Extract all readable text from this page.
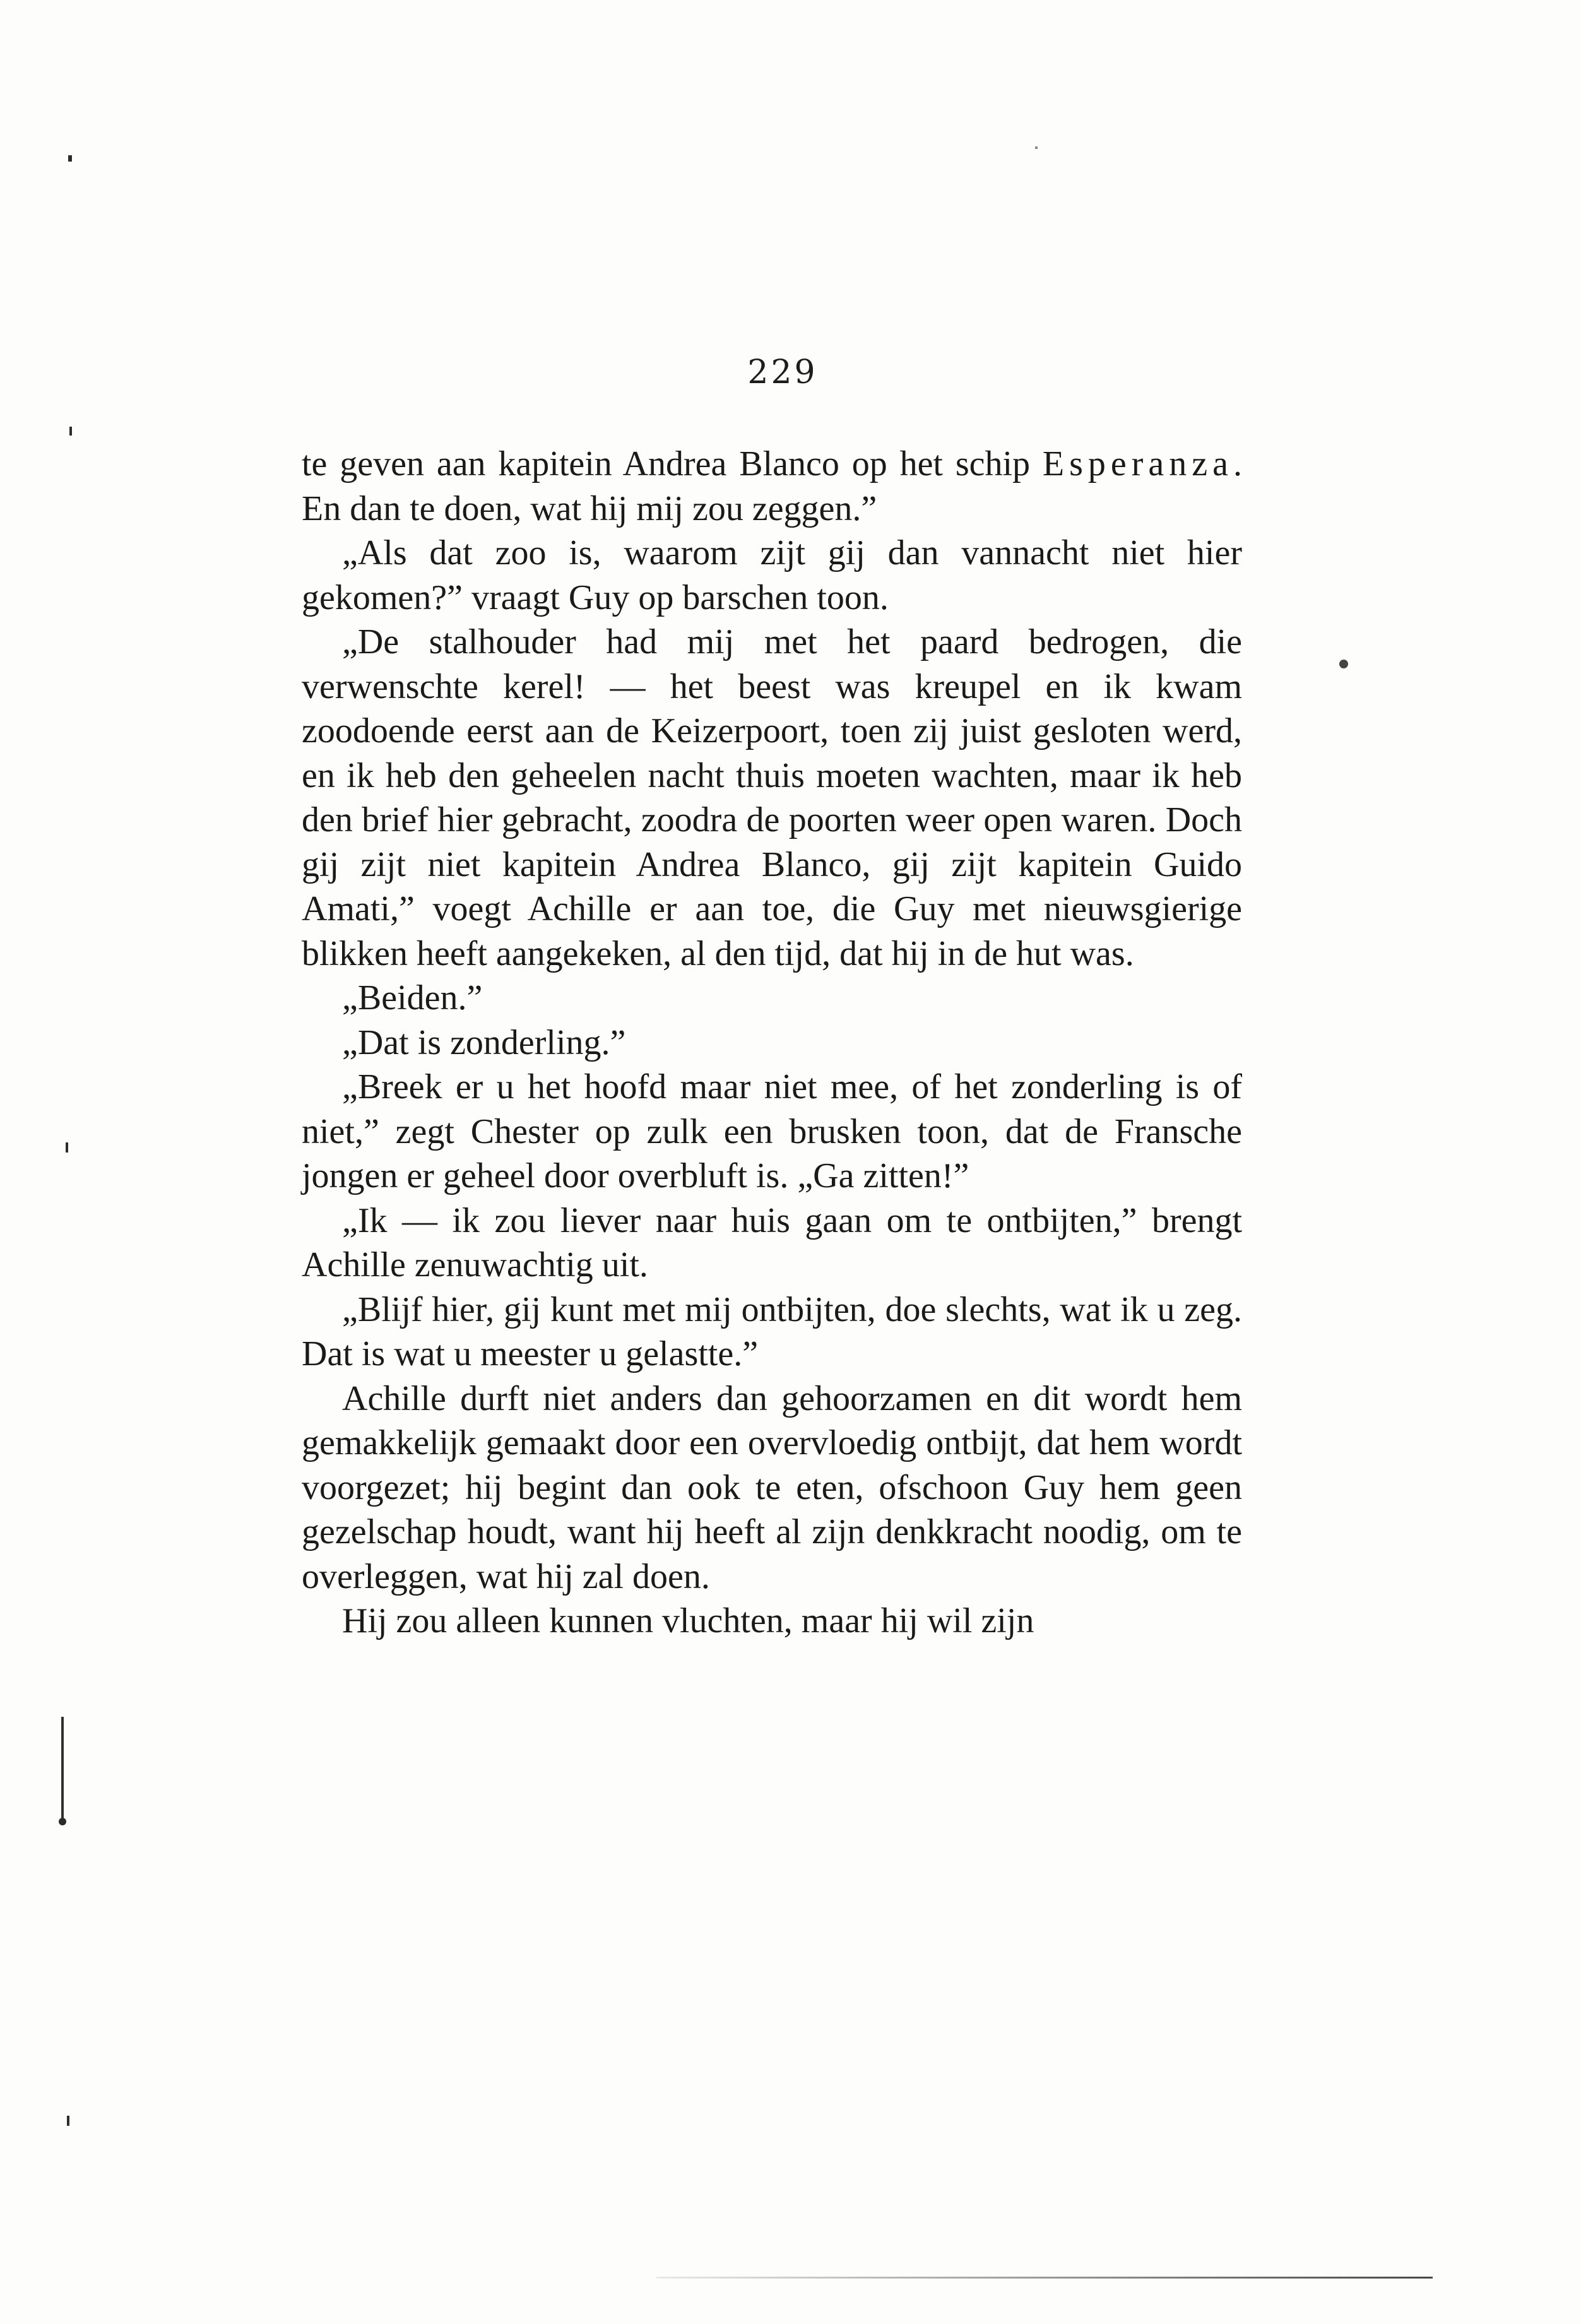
229

te geven aan kapitein Andrea Blanco op het schip Esperanza. En dan te doen, wat hij mij zou zeggen.”

„Als dat zoo is, waarom zijt gij dan vannacht niet hier gekomen?” vraagt Guy op barschen toon.

„De stalhouder had mij met het paard bedrogen, die verwenschte kerel! — het beest was kreupel en ik kwam zoodoende eerst aan de Keizerpoort, toen zij juist gesloten werd, en ik heb den geheelen nacht thuis moeten wachten, maar ik heb den brief hier gebracht, zoodra de poorten weer open waren. Doch gij zijt niet kapitein Andrea Blanco, gij zijt kapitein Guido Amati,” voegt Achille er aan toe, die Guy met nieuwsgierige blikken heeft aangekeken, al den tijd, dat hij in de hut was.

„Beiden.”

„Dat is zonderling.”

„Breek er u het hoofd maar niet mee, of het zonderling is of niet,” zegt Chester op zulk een brusken toon, dat de Fransche jongen er geheel door overbluft is. „Ga zitten!”

„Ik — ik zou liever naar huis gaan om te ontbijten,” brengt Achille zenuwachtig uit.

„Blijf hier, gij kunt met mij ontbijten, doe slechts, wat ik u zeg. Dat is wat u meester u gelastte.”

Achille durft niet anders dan gehoorzamen en dit wordt hem gemakkelijk gemaakt door een overvloedig ontbijt, dat hem wordt voorgezet; hij begint dan ook te eten, ofschoon Guy hem geen gezelschap houdt, want hij heeft al zijn denkkracht noodig, om te overleggen, wat hij zal doen.

Hij zou alleen kunnen vluchten, maar hij wil zijn
